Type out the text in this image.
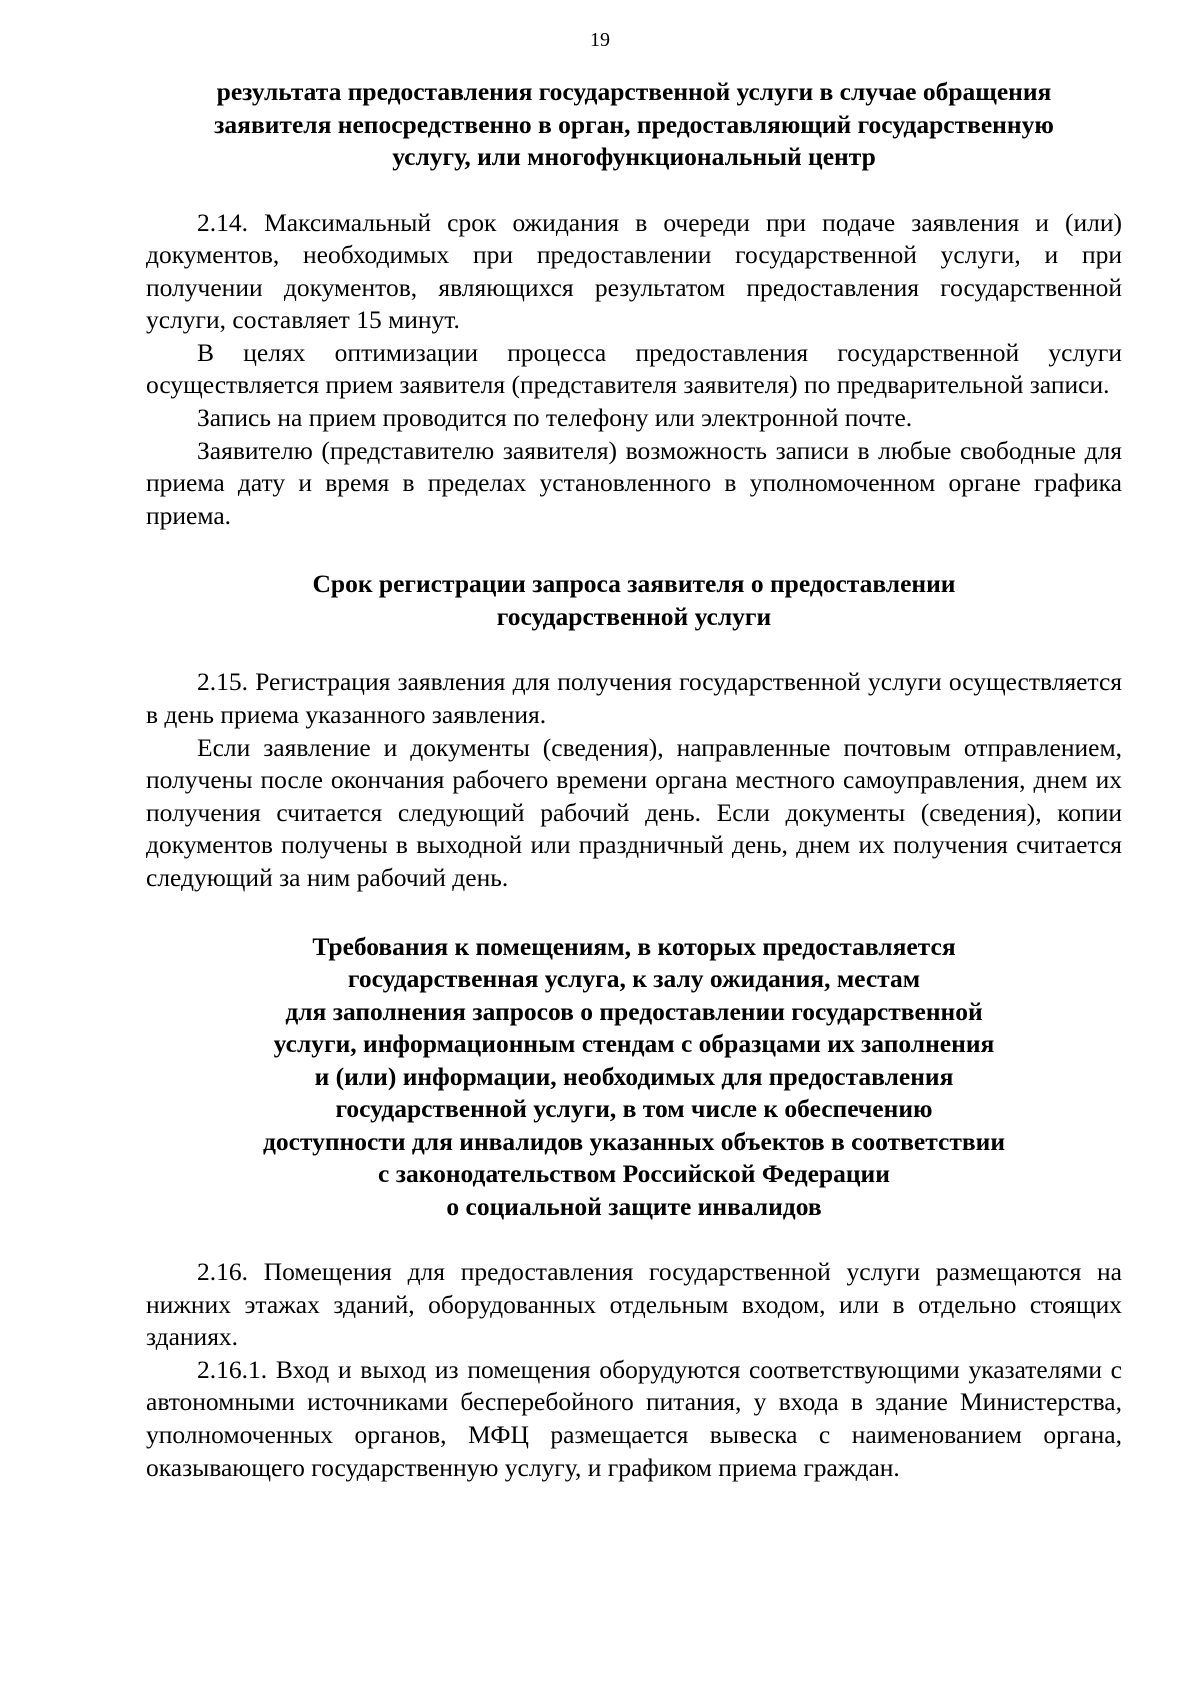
19
результата предоставления государственной услуги в случае обращения
заявителя непосредственно в орган, предоставляющий государственную
услугу, или многофункциональный центр

2.14. Максимальный срок ожидания в очереди при подаче заявления и (или) документов, необходимых при предоставлении государственной услуги, и при получении документов, являющихся результатом предоставления государственной услуги, составляет 15 минут.

В целях оптимизации процесса предоставления государственной услуги осуществляется прием заявителя (представителя заявителя) по предварительной записи.

Запись на прием проводится по телефону или электронной почте.

Заявителю (представителю заявителя) возможность записи в любые свободные для приема дату и время в пределах установленного в уполномоченном органе графика приема.

Срок регистрации запроса заявителя о предоставлении
государственной услуги

2.15. Регистрация заявления для получения государственной услуги осуществляется в день приема указанного заявления.

Если заявление и документы (сведения), направленные почтовым отправлением, получены после окончания рабочего времени органа местного самоуправления, днем их получения считается следующий рабочий день. Если документы (сведения), копии документов получены в выходной или праздничный день, днем их получения считается следующий за ним рабочий день.

Требования к помещениям, в которых предоставляется
государственная услуга, к залу ожидания, местам
для заполнения запросов о предоставлении государственной
услуги, информационным стендам с образцами их заполнения
и (или) информации, необходимых для предоставления
государственной услуги, в том числе к обеспечению
доступности для инвалидов указанных объектов в соответствии
с законодательством Российской Федерации
о социальной защите инвалидов

2.16. Помещения для предоставления государственной услуги размещаются на нижних этажах зданий, оборудованных отдельным входом, или в отдельно стоящих зданиях.

2.16.1. Вход и выход из помещения оборудуются соответствующими указателями с автономными источниками бесперебойного питания, у входа в здание Министерства, уполномоченных органов, МФЦ размещается вывеска с наименованием органа, оказывающего государственную услугу, и графиком приема граждан.
